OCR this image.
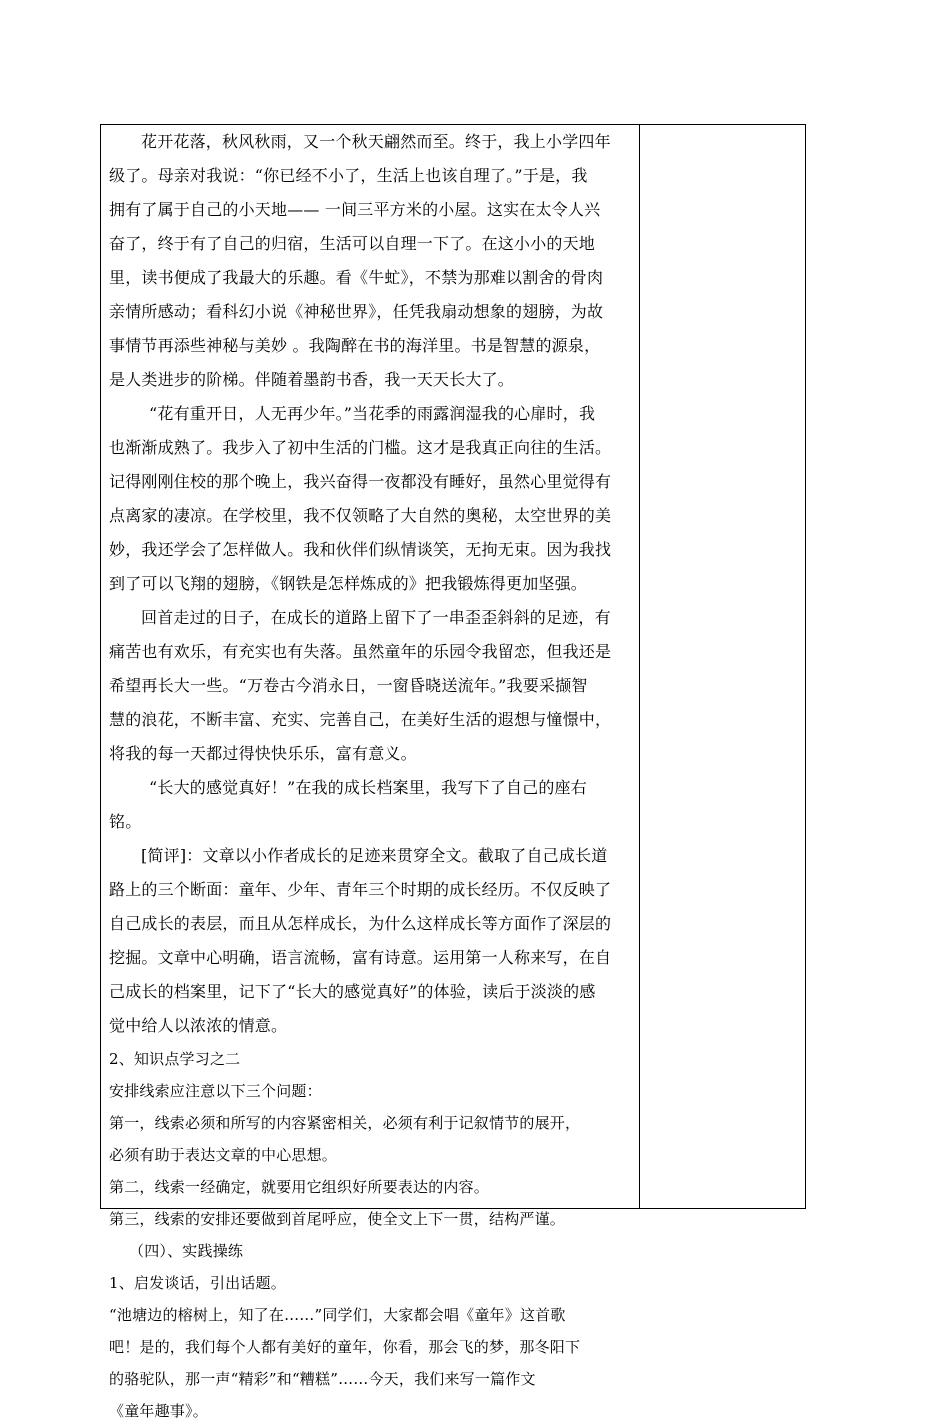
花开花落，秋风秋雨，又一个秋天翩然而至。终于，我上小学四年
级了。母亲对我说：“你已经不小了，生活上也该自理了。”于是，我
拥有了属于自己的小天地—— 一间三平方米的小屋。这实在太令人兴
奋了，终于有了自己的归宿，生活可以自理一下了。在这小小的天地
里，读书便成了我最大的乐趣。看《牛虻》，不禁为那难以割舍的骨肉
亲情所感动；看科幻小说《神秘世界》，任凭我扇动想象的翅膀，为故
事情节再添些神秘与美妙 。我陶醉在书的海洋里。书是智慧的源泉，
是人类进步的阶梯。伴随着墨韵书香，我一天天长大了。
“花有重开日，人无再少年。”当花季的雨露润湿我的心扉时，我
也渐渐成熟了。我步入了初中生活的门槛。这才是我真正向往的生活。
记得刚刚住校的那个晚上，我兴奋得一夜都没有睡好，虽然心里觉得有
点离家的凄凉。在学校里，我不仅领略了大自然的奥秘，太空世界的美
妙，我还学会了怎样做人。我和伙伴们纵情谈笑，无拘无束。因为我找
到了可以飞翔的翅膀，《钢铁是怎样炼成的》把我锻炼得更加坚强。
回首走过的日子，在成长的道路上留下了一串歪歪斜斜的足迹，有
痛苦也有欢乐，有充实也有失落。虽然童年的乐园令我留恋，但我还是
希望再长大一些。“万卷古今消永日，一窗昏晓送流年。”我要采撷智
慧的浪花，不断丰富、充实、完善自己，在美好生活的遐想与憧憬中，
将我的每一天都过得快快乐乐，富有意义。
“长大的感觉真好！”在我的成长档案里，我写下了自己的座右
铭。
[简评]：文章以小作者成长的足迹来贯穿全文。截取了自己成长道
路上的三个断面：童年、少年、青年三个时期的成长经历。不仅反映了
自己成长的表层，而且从怎样成长，为什么这样成长等方面作了深层的
挖掘。文章中心明确，语言流畅，富有诗意。运用第一人称来写，在自
己成长的档案里，记下了“长大的感觉真好”的体验，读后于淡淡的感
觉中给人以浓浓的情意。
2、知识点学习之二
安排线索应注意以下三个问题：
第一，线索必须和所写的内容紧密相关，必须有利于记叙情节的展开，
必须有助于表达文章的中心思想。
第二，线索一经确定，就要用它组织好所要表达的内容。
第三，线索的安排还要做到首尾呼应，使全文上下一贯，结构严谨。
（四）、实践操练
1、启发谈话，引出话题。
“池塘边的榕树上，知了在……”同学们，大家都会唱《童年》这首歌
吧！是的，我们每个人都有美好的童年，你看，那会飞的梦，那冬阳下
的骆驼队，那一声“精彩”和“糟糕”……今天，我们来写一篇作文
《童年趣事》。
